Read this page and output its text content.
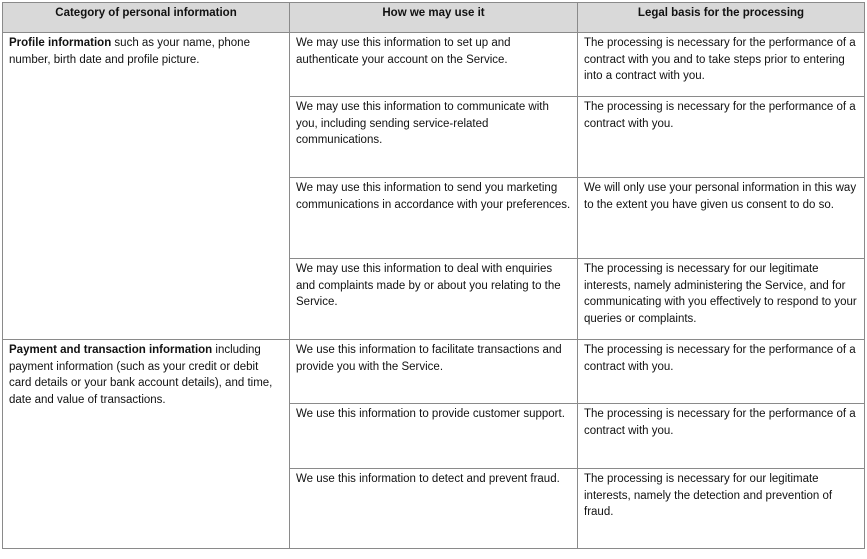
Category of personal information	How we may use it	Legal basis for the processing
Profile information such as your name, phone number, birth date and profile picture.	We may use this information to set up and authenticate your account on the Service.	The processing is necessary for the performance of a contract with you and to take steps prior to entering into a contract with you.
	We may use this information to communicate with you, including sending service-related communications.	The processing is necessary for the performance of a contract with you.
	We may use this information to send you marketing communications in accordance with your preferences.	We will only use your personal information in this way to the extent you have given us consent to do so.
	We may use this information to deal with enquiries and complaints made by or about you relating to the Service.	The processing is necessary for our legitimate interests, namely administering the Service, and for communicating with you effectively to respond to your queries or complaints.
Payment and transaction information including payment information (such as your credit or debit card details or your bank account details), and time, date and value of transactions.	We use this information to facilitate transactions and provide you with the Service.	The processing is necessary for the performance of a contract with you.
	We use this information to provide customer support.	The processing is necessary for the performance of a contract with you.
	We use this information to detect and prevent fraud.	The processing is necessary for our legitimate interests, namely the detection and prevention of fraud.
